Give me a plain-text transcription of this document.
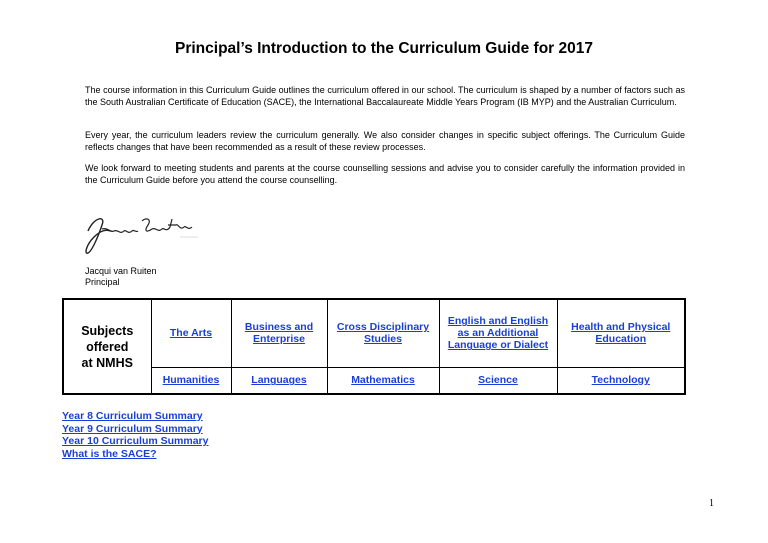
Principal’s Introduction to the Curriculum Guide for 2017
The course information in this Curriculum Guide outlines the curriculum offered in our school. The curriculum is shaped by a number of factors such as the South Australian Certificate of Education (SACE), the International Baccalaureate Middle Years Program (IB MYP) and the Australian Curriculum.
Every year, the curriculum leaders review the curriculum generally. We also consider changes in specific subject offerings. The Curriculum Guide reflects changes that have been recommended as a result of these review processes.
We look forward to meeting students and parents at the course counselling sessions and advise you to consider carefully the information provided in the Curriculum Guide before you attend the course counselling.
Jacqui van Ruiten
Principal
Subjects
offered
at NMHS	The Arts	Business and Enterprise	Cross Disciplinary Studies	English and English as an Additional Language or Dialect	Health and Physical Education
	Humanities	Languages	Mathematics	Science	Technology
Year 8 Curriculum Summary
Year 9 Curriculum Summary
Year 10 Curriculum Summary
What is the SACE?
1
